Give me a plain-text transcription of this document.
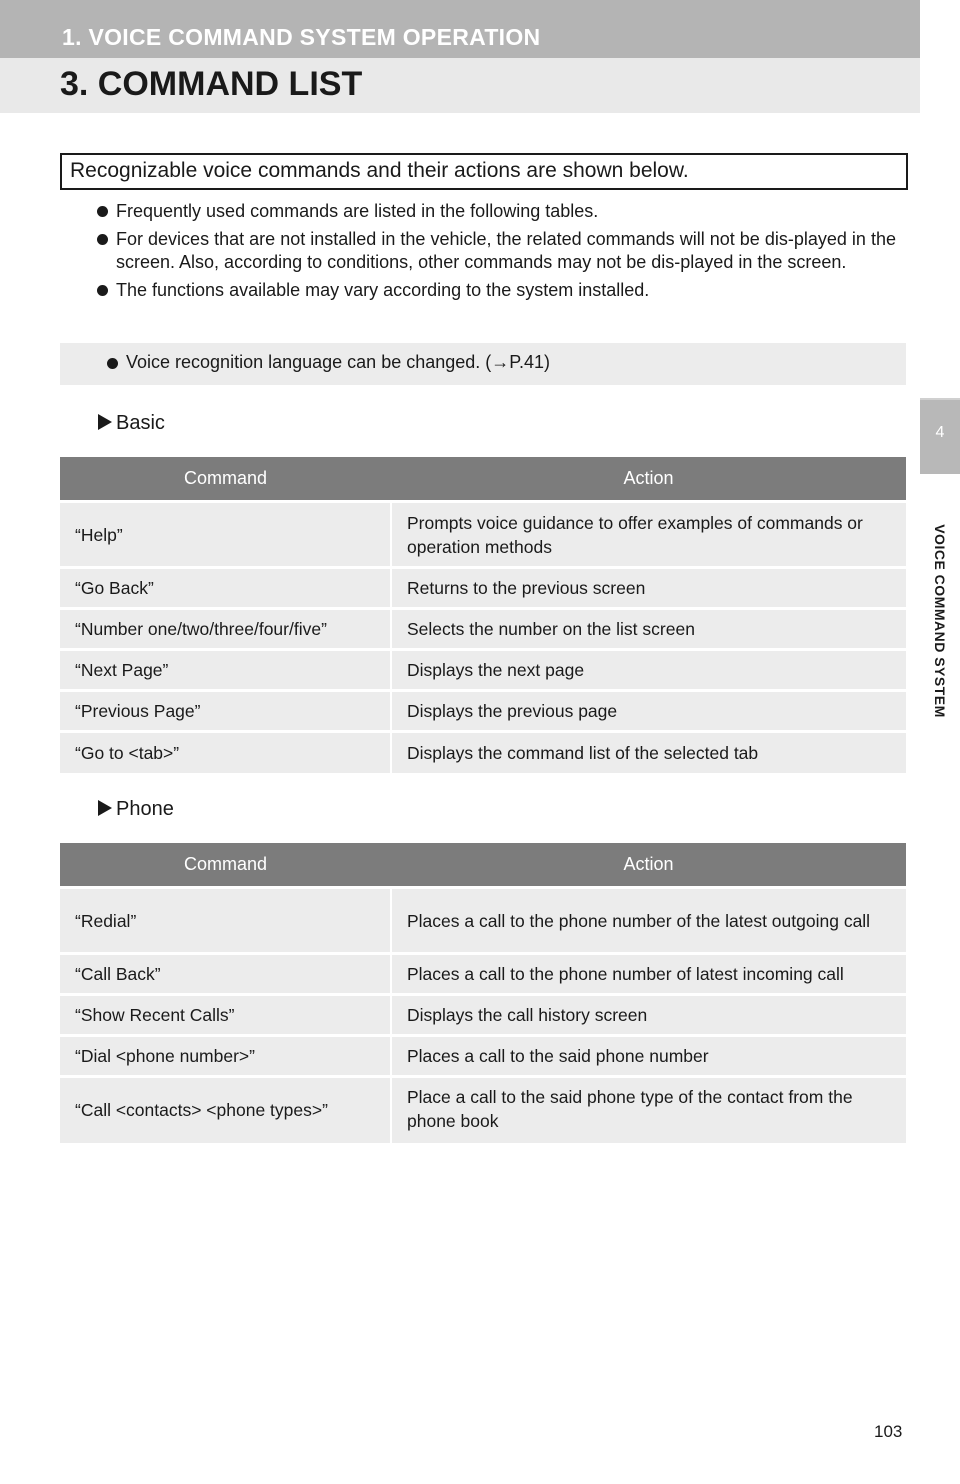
1. VOICE COMMAND SYSTEM OPERATION
3. COMMAND LIST
4
VOICE COMMAND SYSTEM
Recognizable voice commands and their actions are shown below.
Frequently used commands are listed in the following tables.
For devices that are not installed in the vehicle, the related commands will not be dis-played in the screen. Also, according to conditions, other commands may not be dis-played in the screen.
The functions available may vary according to the system installed.
Voice recognition language can be changed. (→P.41)
Basic
Command	Action
“Help”	Prompts voice guidance to offer examples of commands or operation methods
“Go Back”	Returns to the previous screen
“Number one/two/three/four/five”	Selects the number on the list screen
“Next Page”	Displays the next page
“Previous Page”	Displays the previous page
“Go to <tab>”	Displays the command list of the selected tab
Phone
Command	Action
“Redial”	Places a call to the phone number of the latest outgoing call
“Call Back”	Places a call to the phone number of latest incoming call
“Show Recent Calls”	Displays the call history screen
“Dial <phone number>”	Places a call to the said phone number
“Call <contacts> <phone types>”	Place a call to the said phone type of the contact from the phone book
103
